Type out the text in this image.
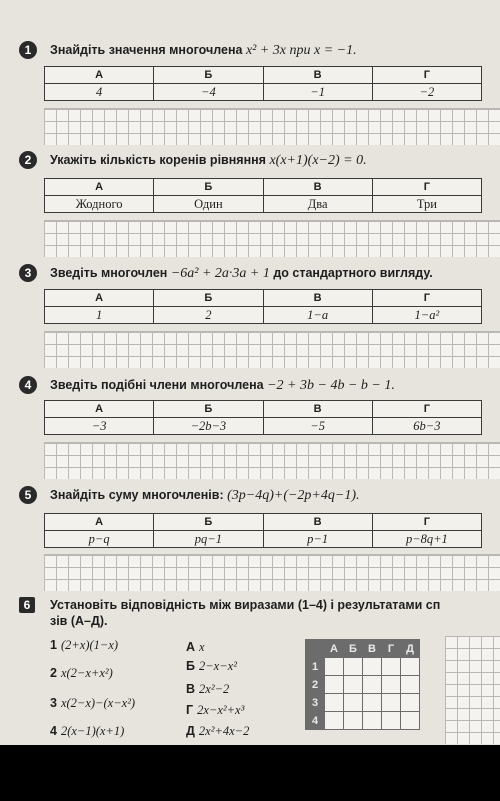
1	Знайдіть значення многочлена x² + 3x при x = −1.
А	Б	В	Г
4	−4	−1	−2
2	Укажіть кількість коренів рівняння x(x+1)(x−2) = 0.
А	Б	В	Г
Жодного	Один	Два	Три
3	Зведіть многочлен −6a² + 2a·3a + 1 до стандартного вигляду.
А	Б	В	Г
1	2	1−a	1−a²
4	Зведіть подібні члени многочлена −2 + 3b − 4b − b − 1.
А	Б	В	Г
−3	−2b−3	−5	6b−3
5	Знайдіть суму многочленів: (3p−4q)+(−2p+4q−1).
А	Б	В	Г
p−q	pq−1	p−1	p−8q+1
6	Установіть відповідність між виразами (1–4) і результатами сп
зів (А–Д).
1 (2+x)(1−x)
2 x(2−x+x²)
3 x(2−x)−(x−x²)
4 2(x−1)(x+1)
А x
Б 2−x−x²
В 2x²−2
Г 2x−x²+x³
Д 2x²+4x−2
	А	Б	В	Г	Д
1					
2					
3					
4					
